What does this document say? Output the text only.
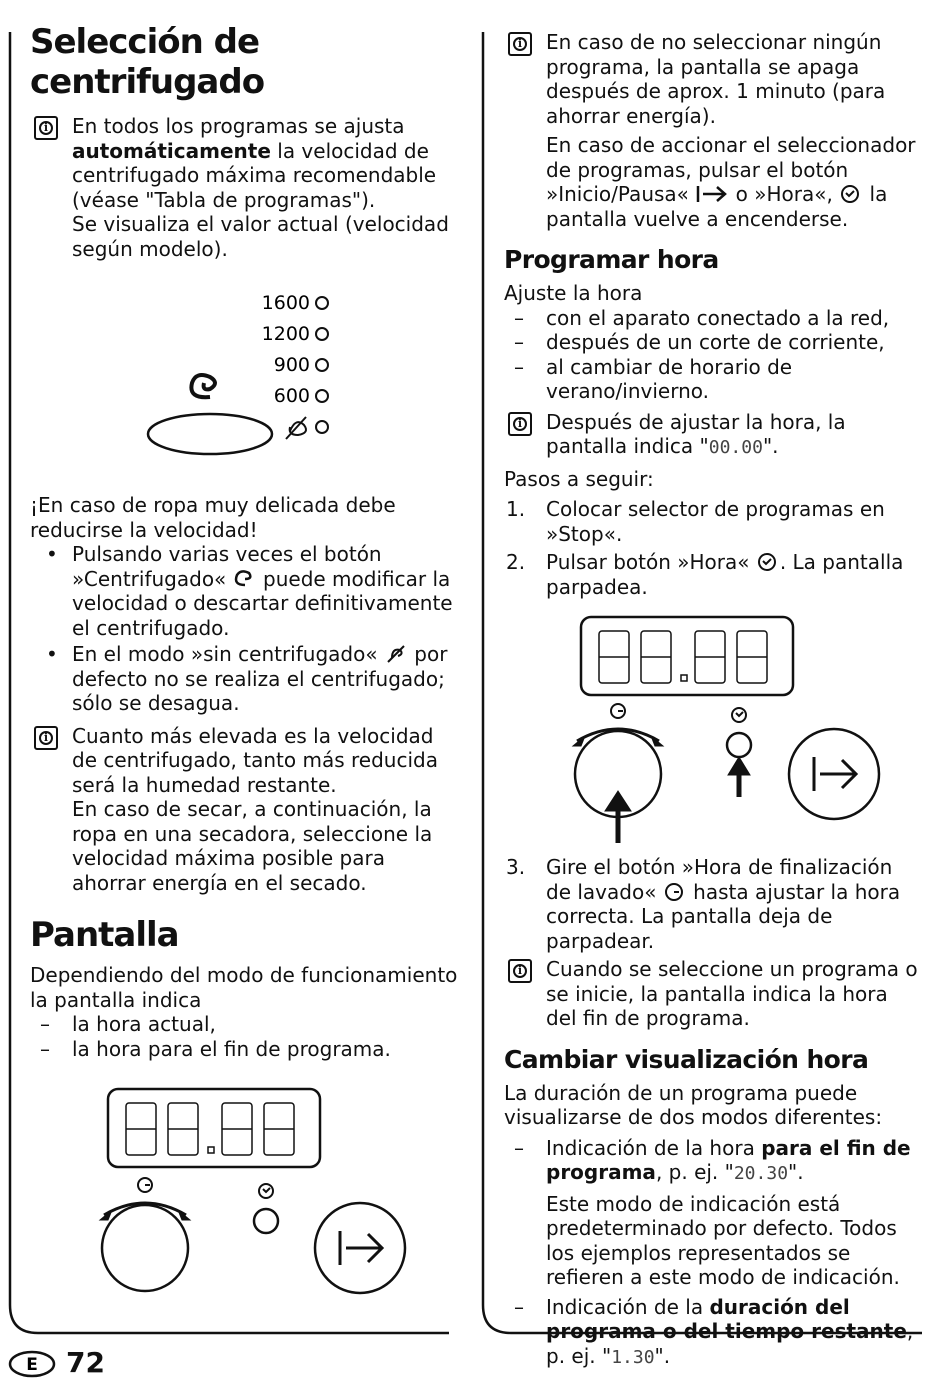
Selección de centrifugado
i En todos los programas se ajusta automáticamente la velocidad de centrifugado máxima recomendable (véase "Tabla de programas").

Se visualiza el valor actual (velocidad según modelo).

1600
1200
900
600

¡En caso de ropa muy delicada debe reducirse la velocidad!

• Pulsando varias veces el botón »Centrifugado«  puede modificar la velocidad o descartar definitivamente el centrifugado.
• En el modo »sin centrifugado«  por defecto no se realiza el centrifugado; sólo se desagua.
i Cuanto más elevada es la velocidad de centrifugado, tanto más reducida será la humedad restante.

En caso de secar, a continuación, la ropa en una secadora, seleccione la velocidad máxima posible para ahorrar energía en el secado.

Pantalla

Dependiendo del modo de funcionamiento la pantalla indica

– la hora actual,
– la hora para el fin de programa.
i En caso de no seleccionar ningún programa, la pantalla se apaga después de aprox. 1 minuto (para ahorrar energía).

En caso de accionar el seleccionador de programas, pulsar el botón »Inicio/Pausa«  o »Hora«,  la pantalla vuelve a encenderse.

Programar hora

Ajuste la hora

– con el aparato conectado a la red,
– después de un corte de corriente,
– al cambiar de horario de verano/invierno.
i Después de ajustar la hora, la pantalla indica "00.00".

Pasos a seguir:

1. Colocar selector de programas en »Stop«.
2. Pulsar botón »Hora« . La pantalla parpadea.
3. Gire el botón »Hora de finalización de lavado«  hasta ajustar la hora correcta. La pantalla deja de parpadear.
i Cuando se seleccione un programa o se inicie, la pantalla indica la hora del fin de programa.

Cambiar visualización hora

La duración de un programa puede visualizarse de dos modos diferentes:

– Indicación de la hora para el fin de programa, p. ej. "20.30".

Este modo de indicación está predeterminado por defecto. Todos los ejemplos representados se refieren a este modo de indicación.

– Indicación de la duración del programa o del tiempo restante, p. ej. "1.30".
E 72
